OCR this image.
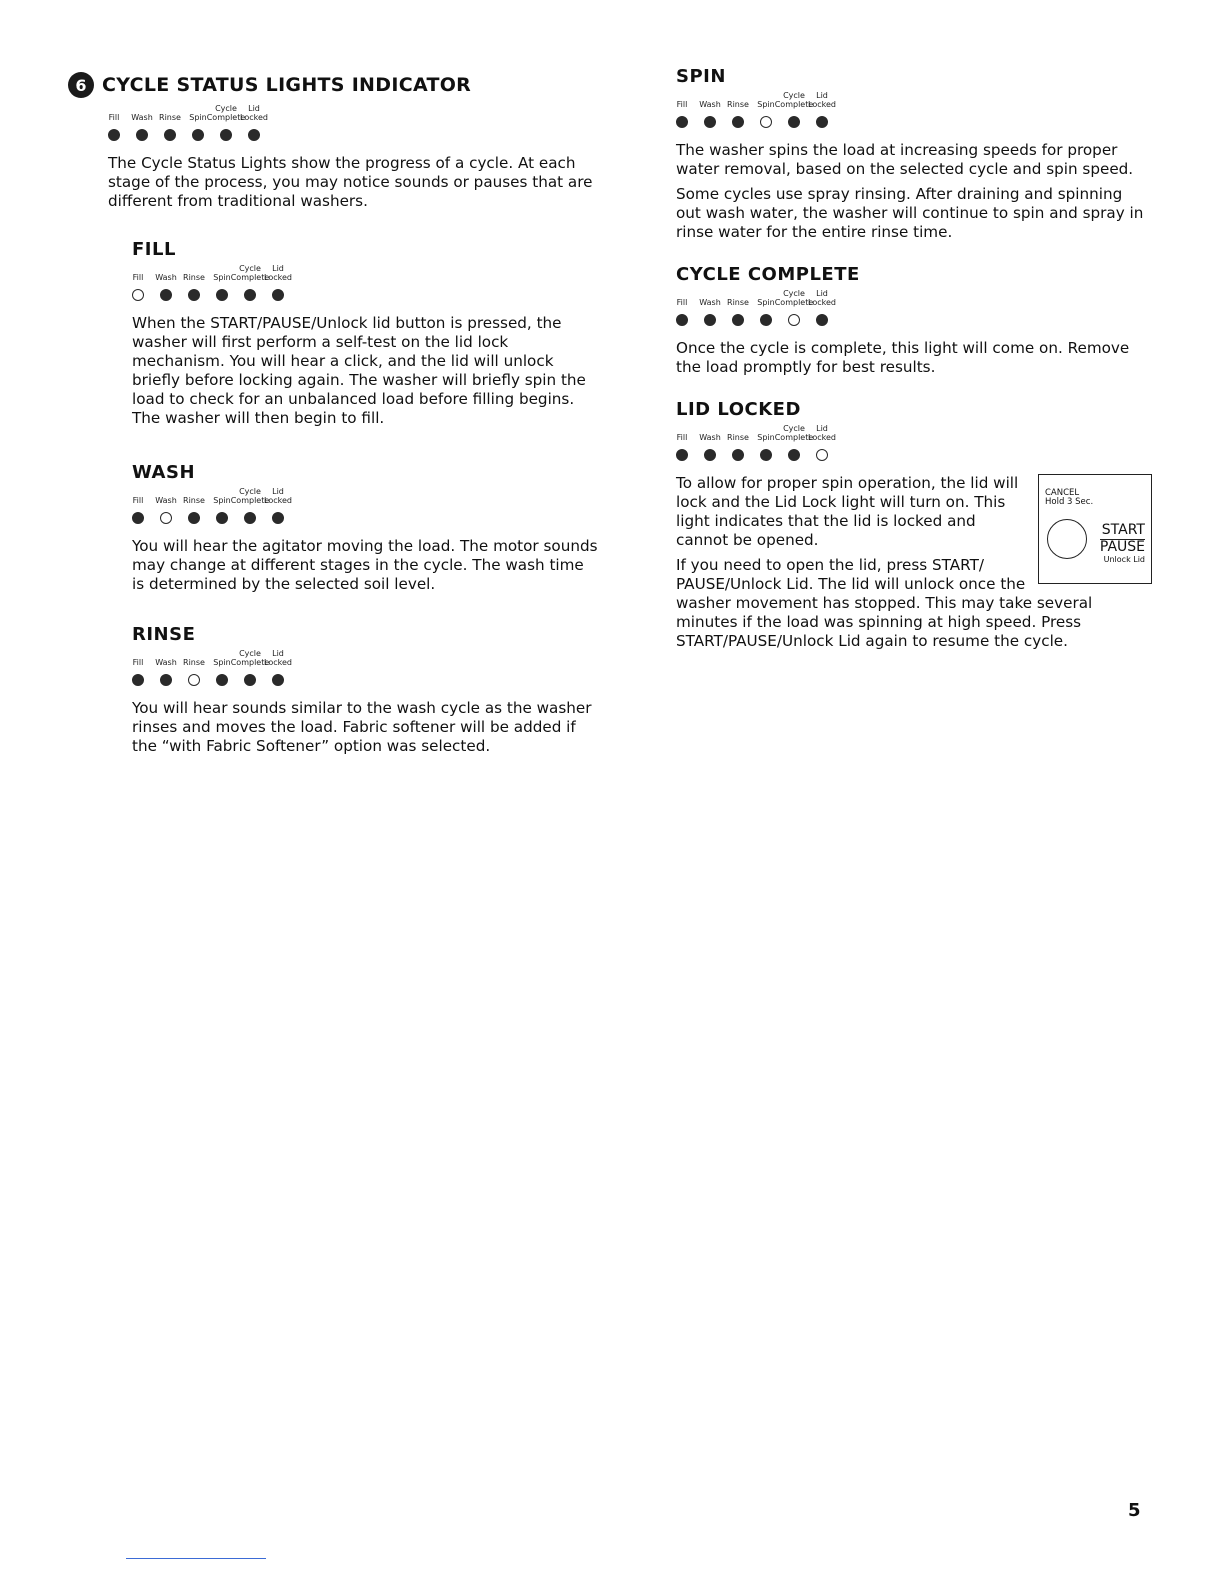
6 CYCLE STATUS LIGHTS INDICATOR
Fill Wash Rinse Spin
Cycle
Complete
Lid
Locked

The Cycle Status Lights show the progress of a cycle. At each stage of the process, you may notice sounds or pauses that are different from traditional washers.

FILL
Fill Wash Rinse Spin
Cycle
Complete
Lid
Locked

When the START/PAUSE/Unlock lid button is pressed, the washer will first perform a self-test on the lid lock mechanism. You will hear a click, and the lid will unlock briefly before locking again. The washer will briefly spin the load to check for an unbalanced load before filling begins. The washer will then begin to fill.

WASH
Fill Wash Rinse Spin
Cycle
Complete
Lid
Locked

You will hear the agitator moving the load. The motor sounds may change at different stages in the cycle. The wash time is determined by the selected soil level.

RINSE
Fill Wash Rinse Spin
Cycle
Complete
Lid
Locked

You will hear sounds similar to the wash cycle as the washer rinses and moves the load. Fabric softener will be added if the “with Fabric Softener” option was selected.

SPIN
Fill Wash Rinse Spin
Cycle
Complete
Lid
Locked

The washer spins the load at increasing speeds for proper water removal, based on the selected cycle and spin speed.

Some cycles use spray rinsing. After draining and spinning out wash water, the washer will continue to spin and spray in rinse water for the entire rinse time.

CYCLE COMPLETE
Fill Wash Rinse Spin
Cycle
Complete
Lid
Locked

Once the cycle is complete, this light will come on. Remove the load promptly for best results.

LID LOCKED
Fill Wash Rinse Spin
Cycle
Complete
Lid
Locked
CANCEL
Hold 3 Sec.
START
PAUSE
Unlock Lid

To allow for proper spin operation, the lid will lock and the Lid Lock light will turn on. This light indicates that the lid is locked and cannot be opened.

If you need to open the lid, press START/ PAUSE/Unlock Lid. The lid will unlock once the washer movement has stopped. This may take several minutes if the load was spinning at high speed. Press START/PAUSE/Unlock Lid again to resume the cycle.

5
